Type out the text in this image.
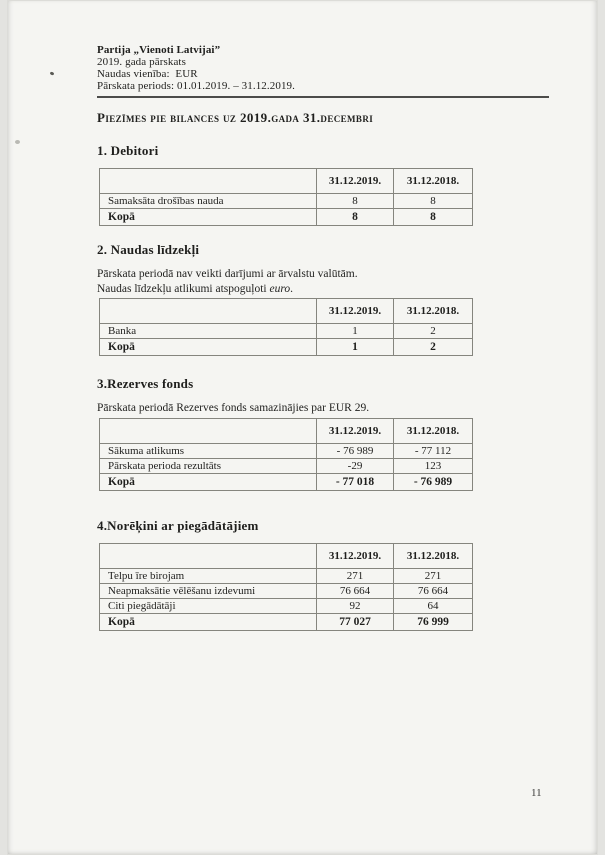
Partija „Vienoti Latvijai”
2019. gada pārskats
Naudas vienība:  EUR
Pārskata periods: 01.01.2019. – 31.12.2019.
Piezīmes pie bilances uz 2019.gada 31.decembri
1. Debitori
	31.12.2019.	31.12.2018.
Samaksāta drošības nauda	8	8
Kopā	8	8
2. Naudas līdzekļi

Pārskata periodā nav veikti darījumi ar ārvalstu valūtām.

Naudas līdzekļu atlikumi atspoguļoti euro.

	31.12.2019.	31.12.2018.
Banka	1	2
Kopā	1	2
3.Rezerves fonds

Pārskata periodā Rezerves fonds samazinājies par EUR 29.

	31.12.2019.	31.12.2018.
Sākuma atlikums	- 76 989	- 77 112
Pārskata perioda rezultāts	-29	123
Kopā	- 77 018	- 76 989
4.Norēķini ar piegādātājiem
	31.12.2019.	31.12.2018.
Telpu īre birojam	271	271
Neapmaksātie vēlēšanu izdevumi	76 664	76 664
Citi piegādātāji	92	64
Kopā	77 027	76 999
11
